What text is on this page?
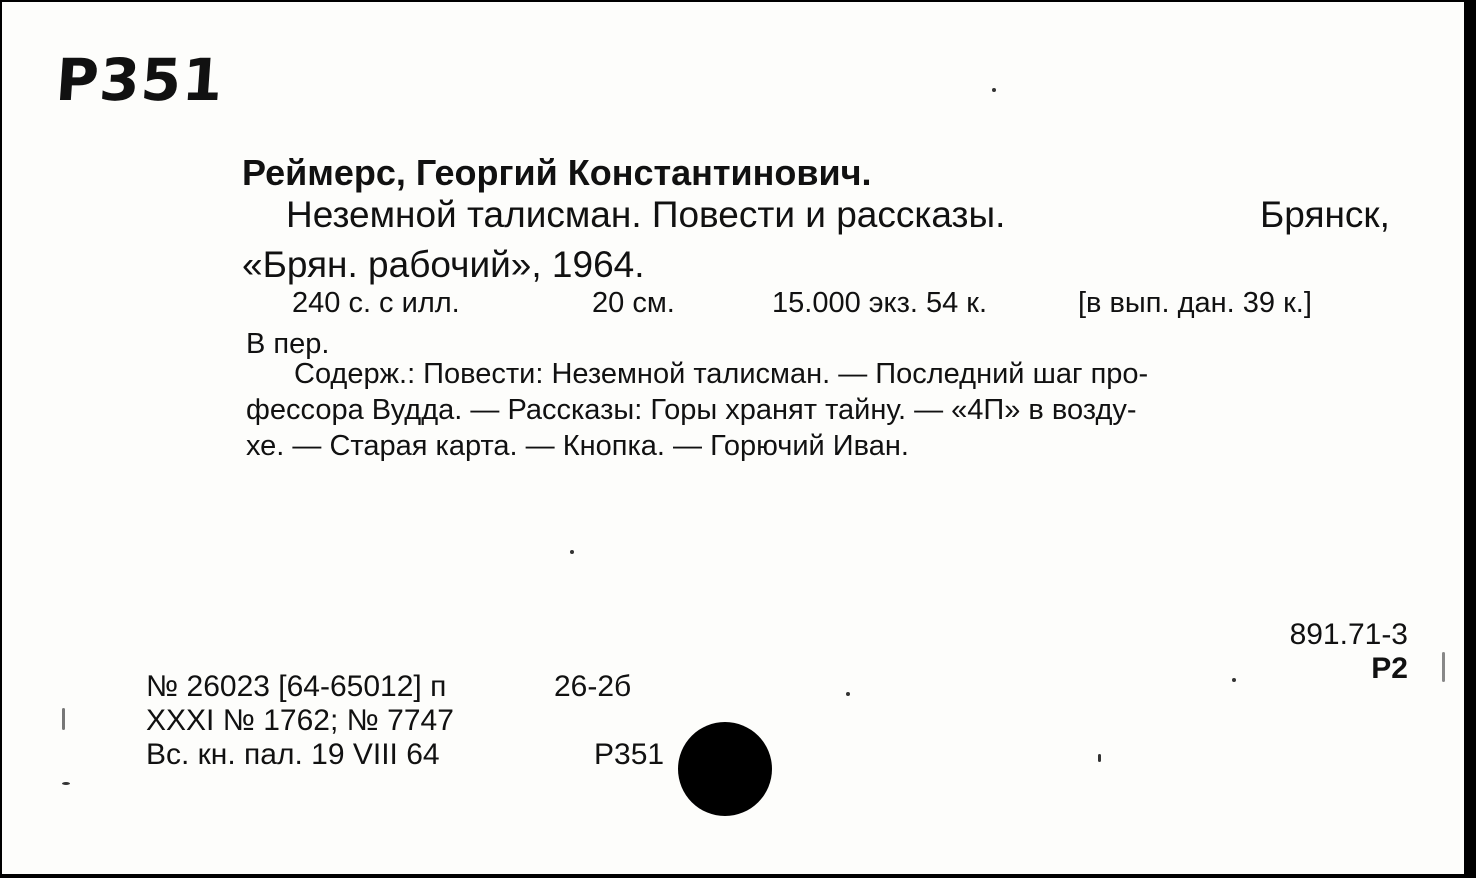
P351
Реймерс, Георгий Константинович.
Неземной талисман. Повести и рассказы.	Брянск,
«Брян. рабочий», 1964.
240 с. с илл.	20 см.	15.000 экз. 54 к.	[в вып. дан. 39 к.]
В пер.
Содерж.: Повести: Неземной талисман. — Последний шаг про-
фессора Вудда. — Рассказы: Горы хранят тайну. — «4П» в возду-
хе. — Старая карта. — Кнопка. — Горючий Иван.
891.71-3
Р2
№ 26023 [64-65012] п	26-2б
XXXI № 1762; № 7747
Вс. кн. пал. 19 VIII 64	Р351
